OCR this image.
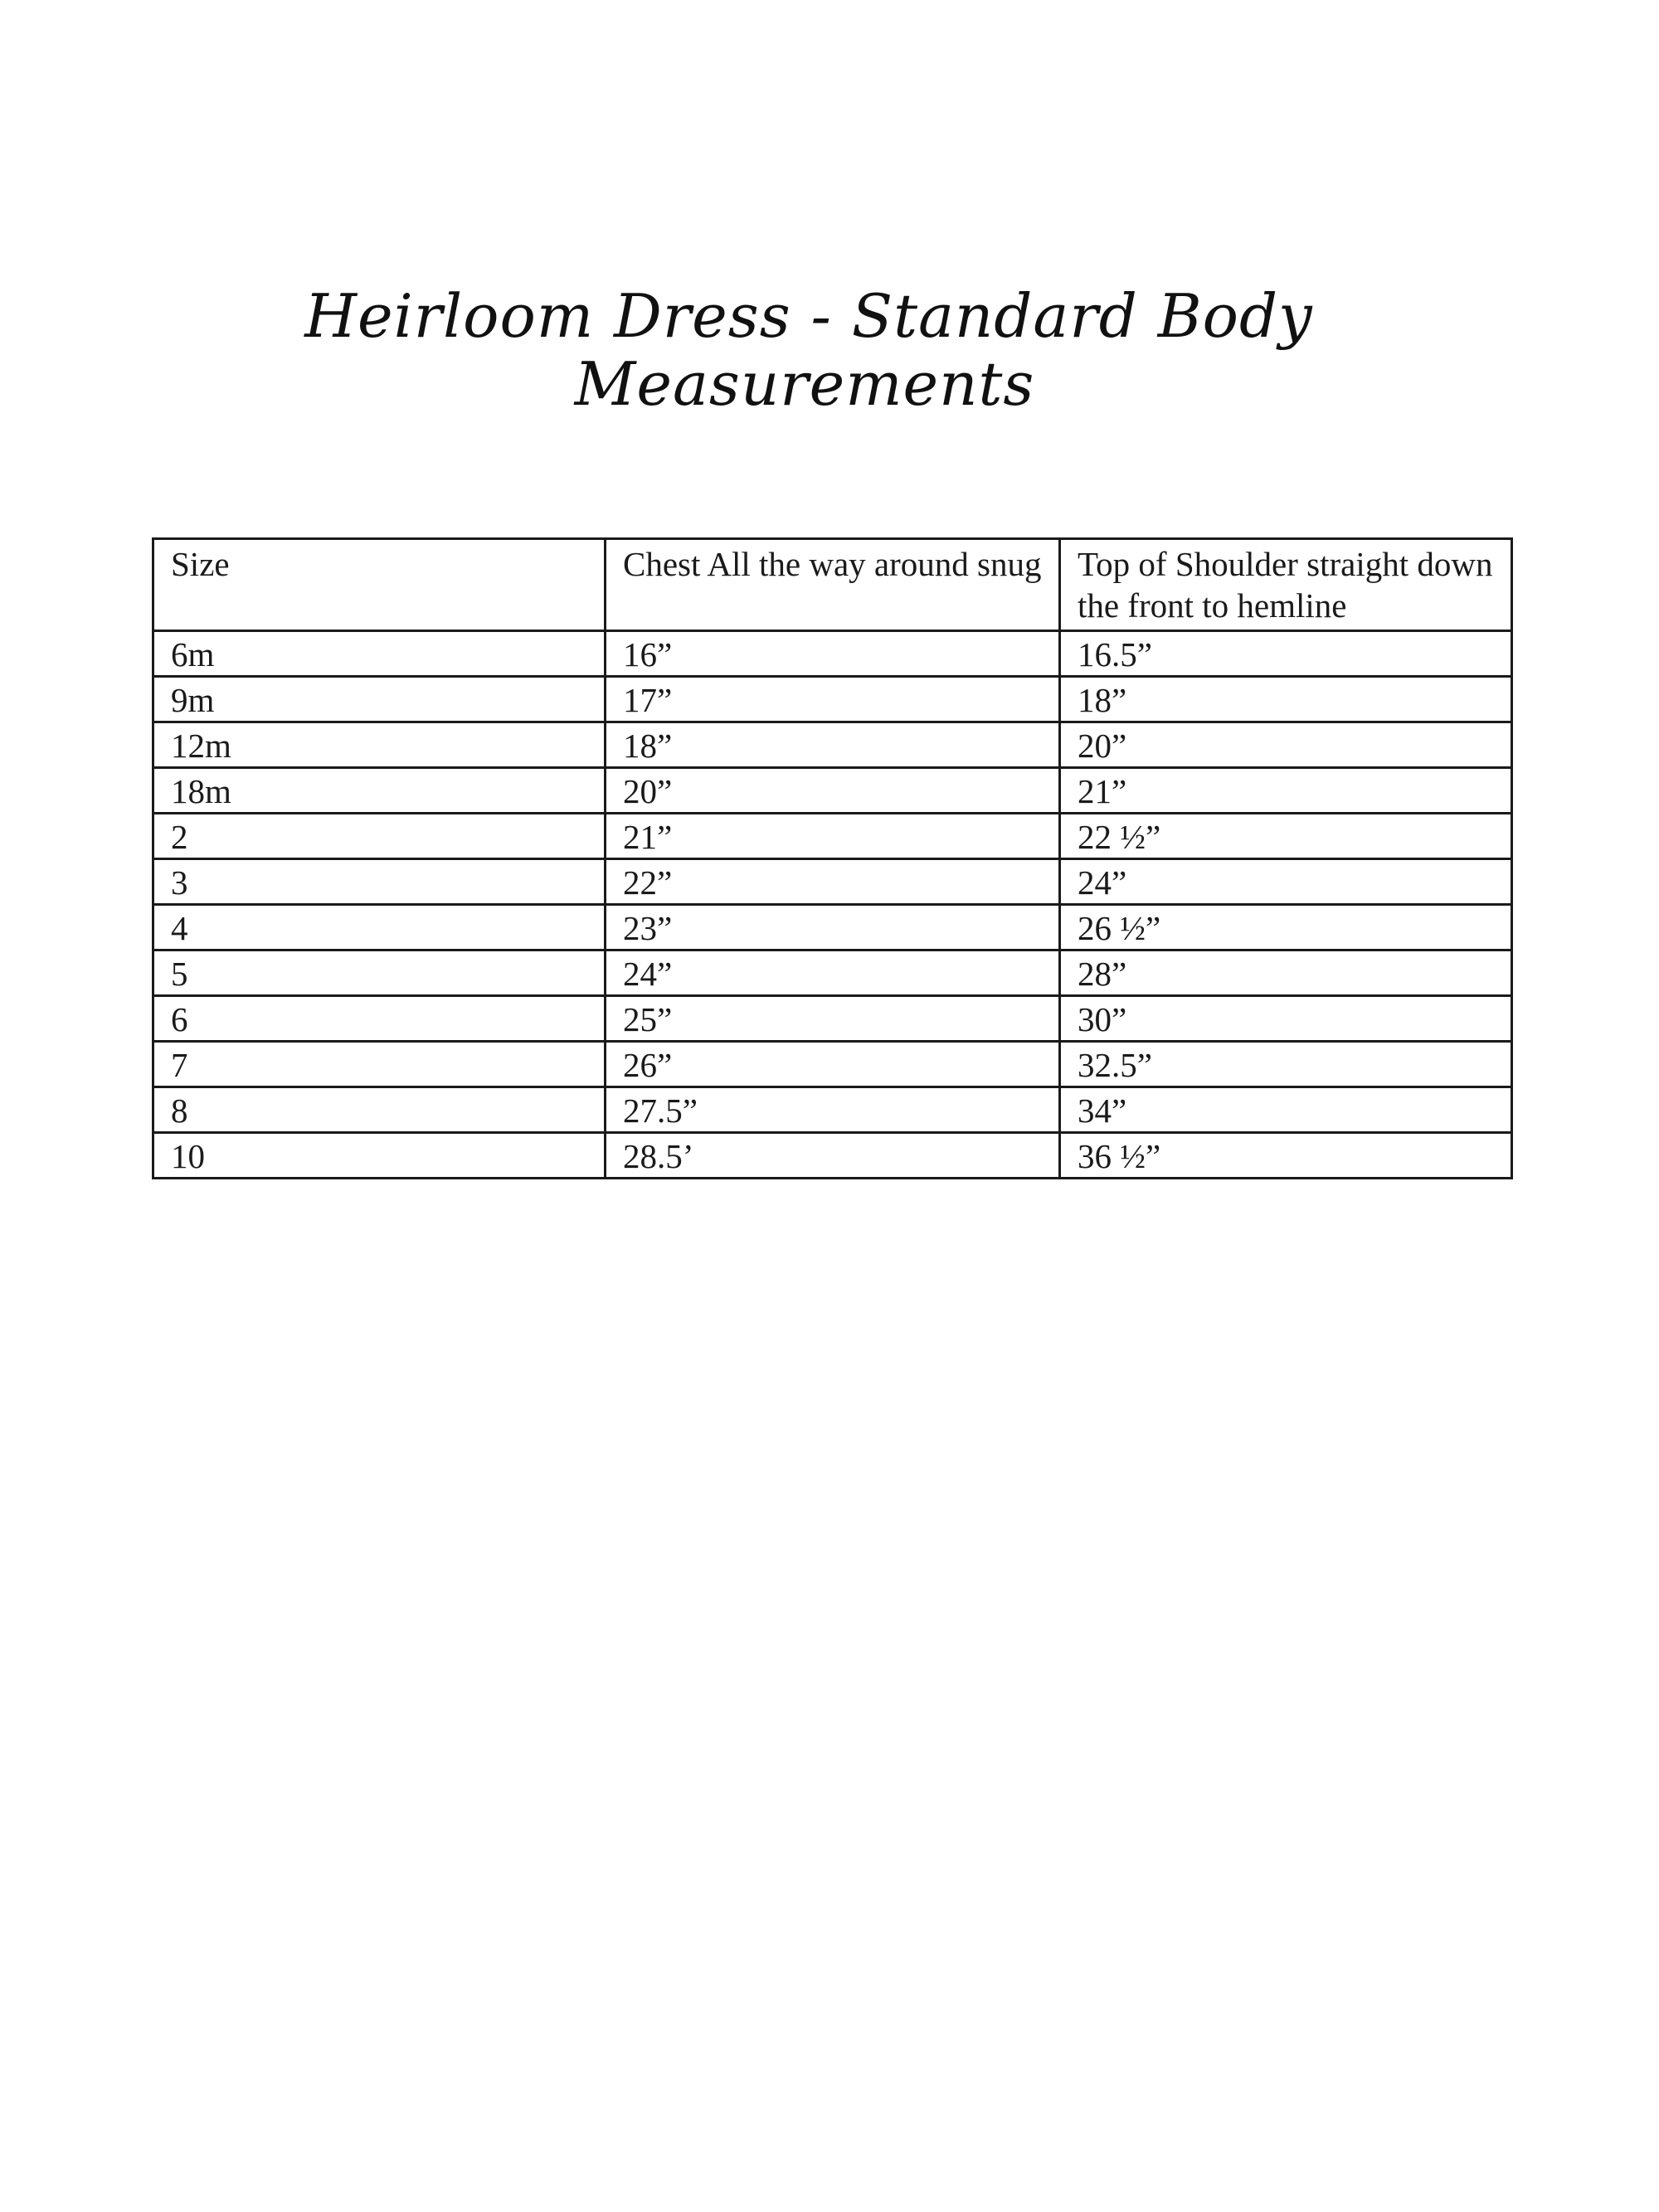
Heirloom Dress - Standard Body
Measurements
Size	Chest All the way around snug	Top of Shoulder straight down the front to hemline
6m	16”	16.5”
9m	17”	18”
12m	18”	20”
18m	20”	21”
2	21”	22 ½”
3	22”	24”
4	23”	26 ½”
5	24”	28”
6	25”	30”
7	26”	32.5”
8	27.5”	34”
10	28.5’	36 ½”
